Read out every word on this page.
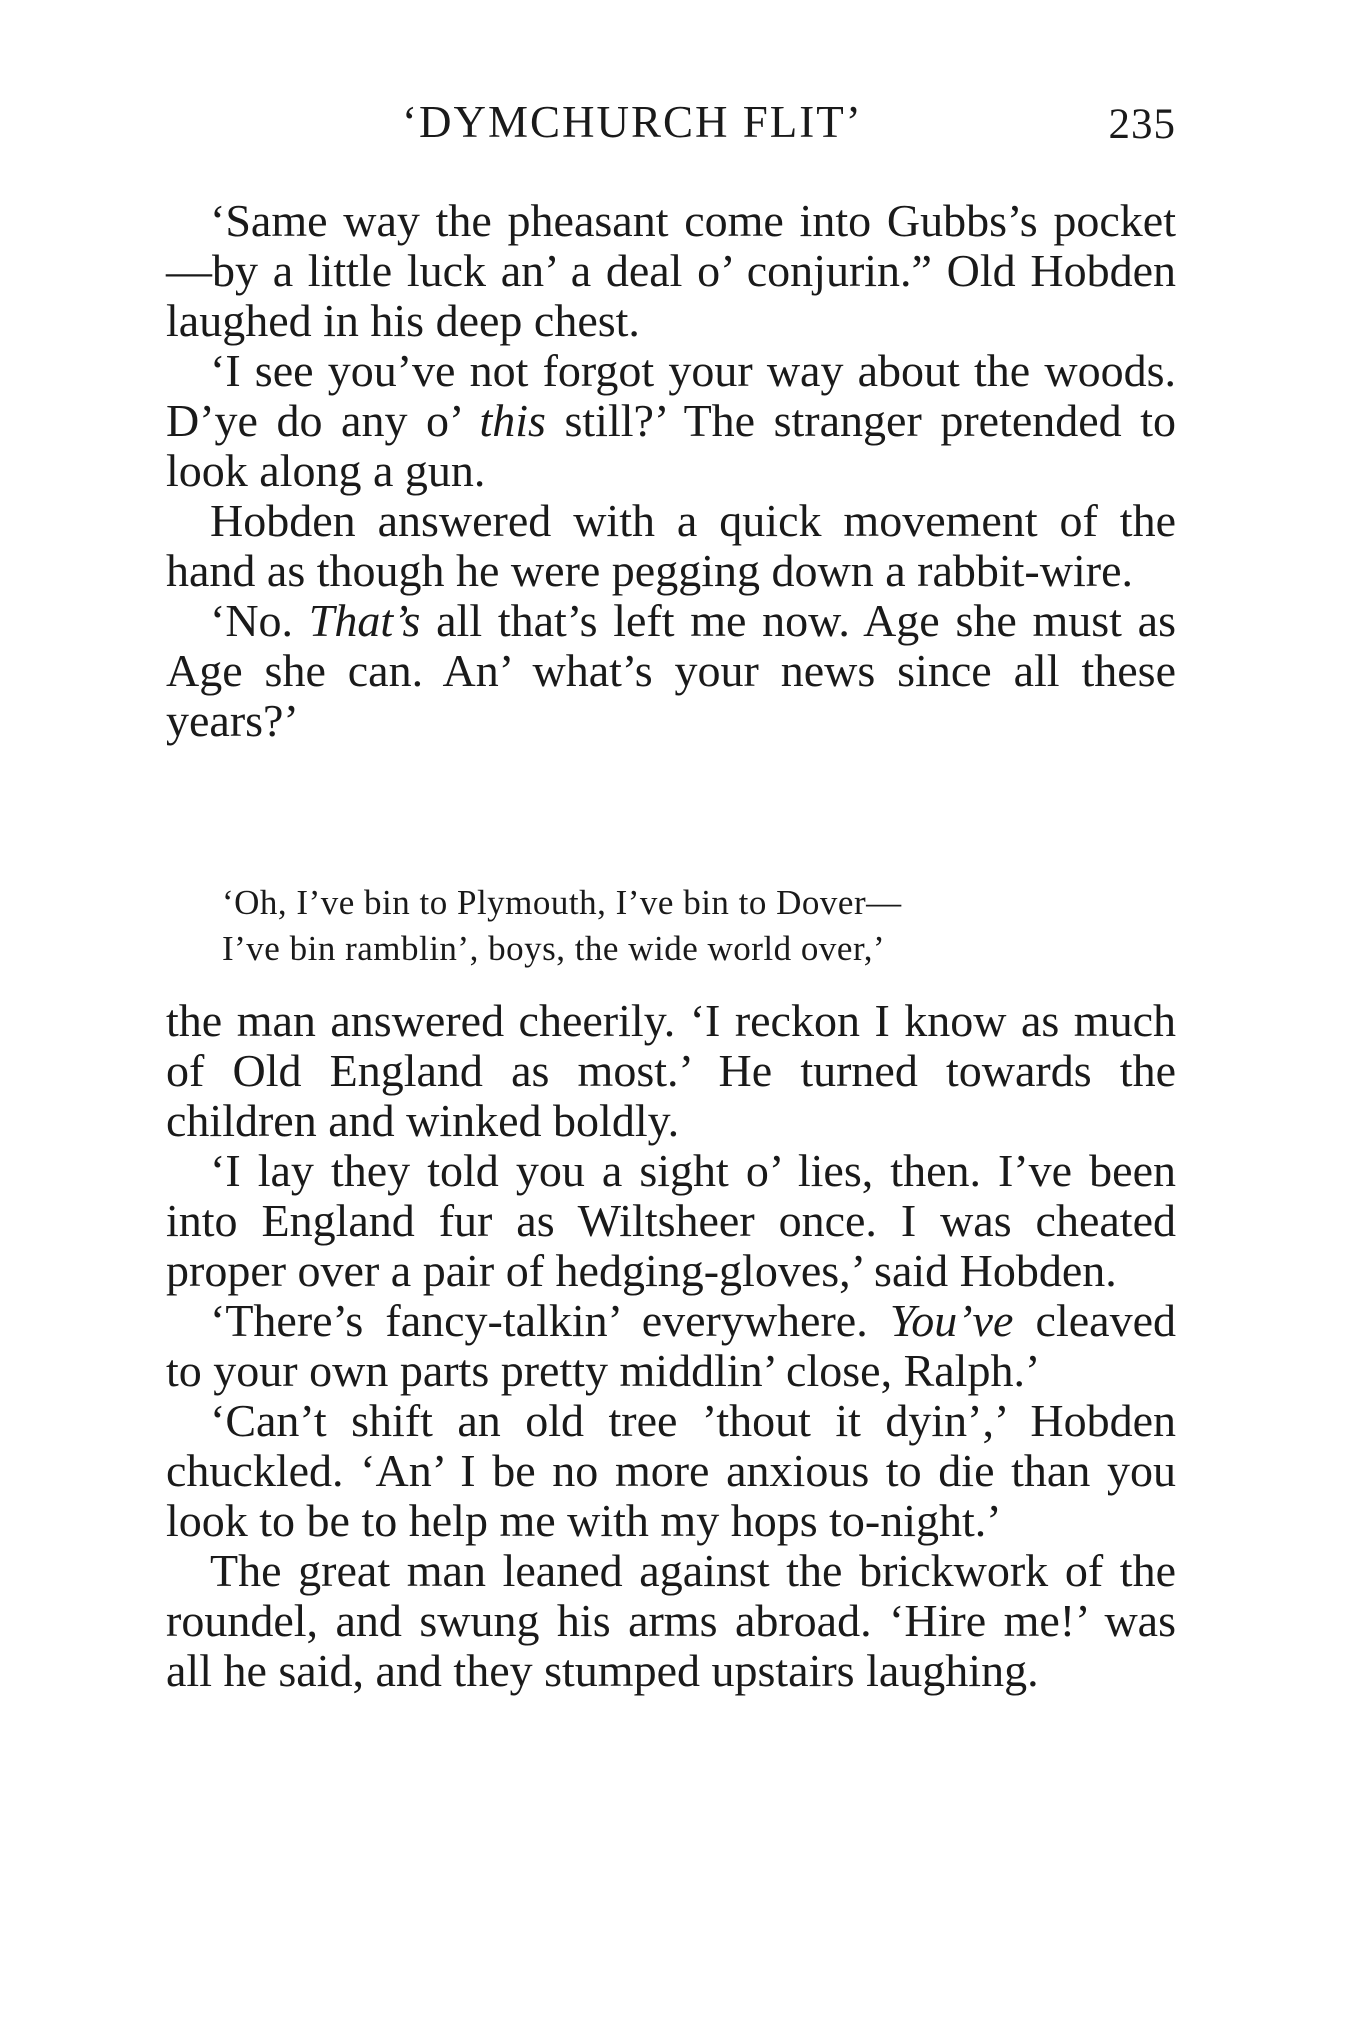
‘DYMCHURCH FLIT’	235

‘Same way the pheasant come into Gubbs’s pocket—by a little luck an’ a deal o’ conjurin.” Old Hobden laughed in his deep chest.

‘I see you’ve not forgot your way about the woods. D’ye do any o’ this still?’ The stranger pretended to look along a gun.

Hobden answered with a quick movement of the hand as though he were pegging down a rabbit-wire.

‘No. That’s all that’s left me now. Age she must as Age she can. An’ what’s your news since all these years?’

‘Oh, I’ve bin to Plymouth, I’ve bin to Dover—
I’ve bin ramblin’, boys, the wide world over,’

the man answered cheerily. ‘I reckon I know as much of Old England as most.’ He turned towards the children and winked boldly.

‘I lay they told you a sight o’ lies, then. I’ve been into England fur as Wiltsheer once. I was cheated proper over a pair of hedging-gloves,’ said Hobden.

‘There’s fancy-talkin’ everywhere. You’ve cleaved to your own parts pretty middlin’ close, Ralph.’

‘Can’t shift an old tree ’thout it dyin’,’ Hobden chuckled. ‘An’ I be no more anxious to die than you look to be to help me with my hops to-night.’

The great man leaned against the brickwork of the roundel, and swung his arms abroad. ‘Hire me!’ was all he said, and they stumped upstairs laughing.
